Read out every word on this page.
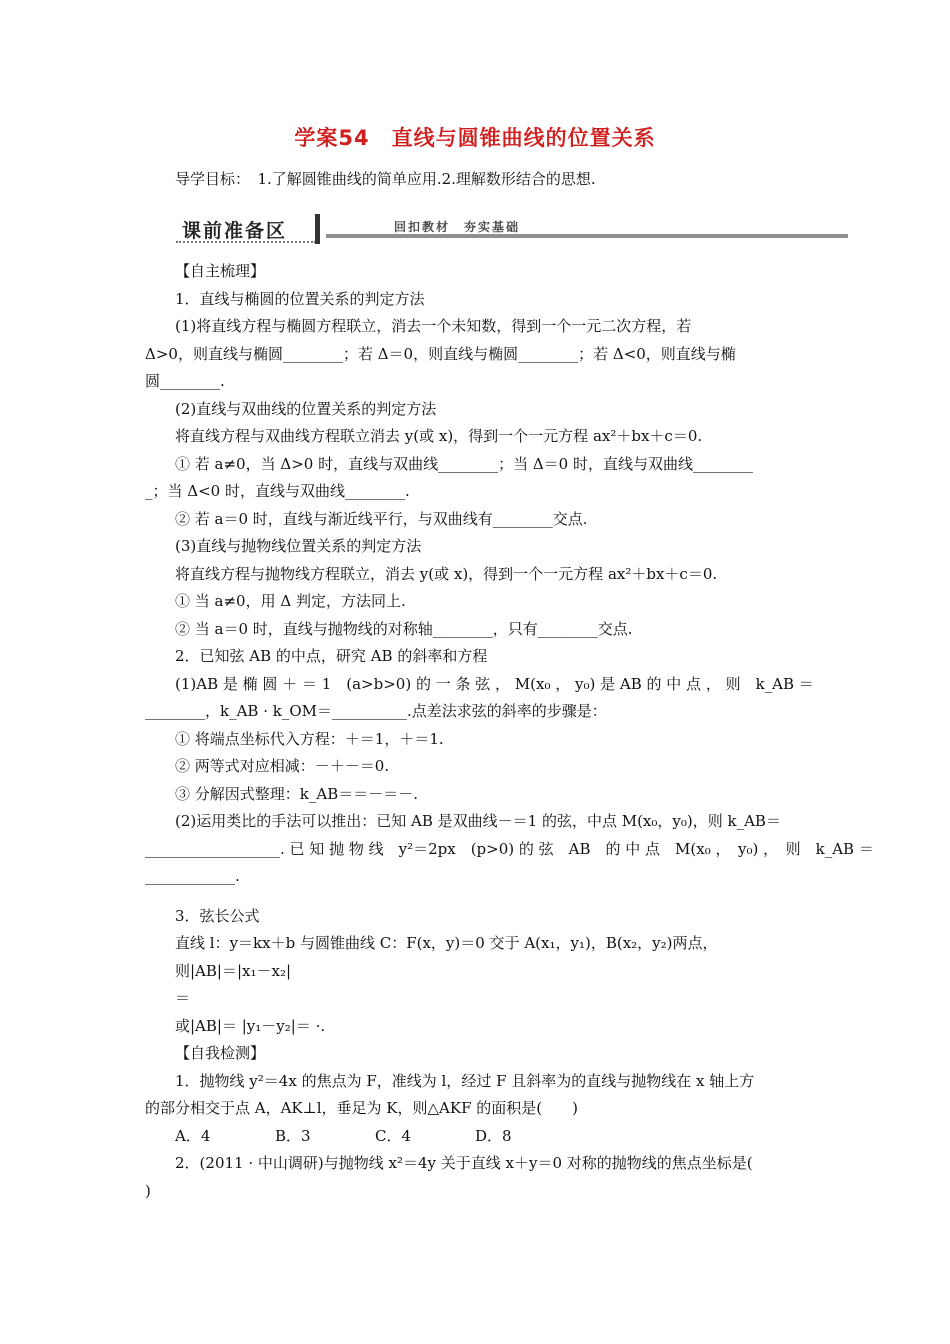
学案54　直线与圆锥曲线的位置关系
导学目标：　1.了解圆锥曲线的简单应用.2.理解数形结合的思想.
课前准备区	回扣教材　夯实基础
【自主梳理】
1．直线与椭圆的位置关系的判定方法
(1)将直线方程与椭圆方程联立，消去一个未知数，得到一个一元二次方程，若
Δ>0，则直线与椭圆________；若 Δ＝0，则直线与椭圆________；若 Δ<0，则直线与椭
圆________.
(2)直线与双曲线的位置关系的判定方法
将直线方程与双曲线方程联立消去 y(或 x)，得到一个一元方程 ax²＋bx＋c＝0.
① 若 a≠0，当 Δ>0 时，直线与双曲线________；当 Δ＝0 时，直线与双曲线________
_；当 Δ<0 时，直线与双曲线________.
② 若 a＝0 时，直线与渐近线平行，与双曲线有________交点.
(3)直线与抛物线位置关系的判定方法
将直线方程与抛物线方程联立，消去 y(或 x)，得到一个一元方程 ax²＋bx＋c＝0.
① 当 a≠0，用 Δ 判定，方法同上.
② 当 a＝0 时，直线与抛物线的对称轴________，只有________交点.
2．已知弦 AB 的中点，研究 AB 的斜率和方程
(1)AB 是 椭 圆 ＋ ＝ 1　(a>b>0) 的 一 条 弦 ， M(x₀ ， y₀) 是 AB 的 中 点 ， 则　k_AB ＝
________，k_AB · k_OM＝__________.点差法求弦的斜率的步骤是：
① 将端点坐标代入方程：＋＝1，＋＝1.
② 两等式对应相减：－＋－＝0.
③ 分解因式整理：k_AB＝＝－＝－.
(2)运用类比的手法可以推出：已知 AB 是双曲线－＝1 的弦，中点 M(x₀，y₀)，则 k_AB＝
__________________. 已 知 抛 物 线　y²＝2px　(p>0) 的 弦　AB　的 中 点　M(x₀ ，　y₀) ，　则　k_AB ＝
____________.
3．弦长公式
直线 l：y＝kx＋b 与圆锥曲线 C：F(x，y)＝0 交于 A(x₁，y₁)，B(x₂，y₂)两点，
则|AB|＝|x₁－x₂|
＝
或|AB|＝ |y₁－y₂|＝ ·.
【自我检测】
1．抛物线 y²＝4x 的焦点为 F，准线为 l，经过 F 且斜率为的直线与抛物线在 x 轴上方
的部分相交于点 A，AK⊥l，垂足为 K，则△AKF 的面积是(　　)
A．4	B．3	C．4	D．8
2．(2011 · 中山调研)与抛物线 x²＝4y 关于直线 x＋y＝0 对称的抛物线的焦点坐标是(
)
